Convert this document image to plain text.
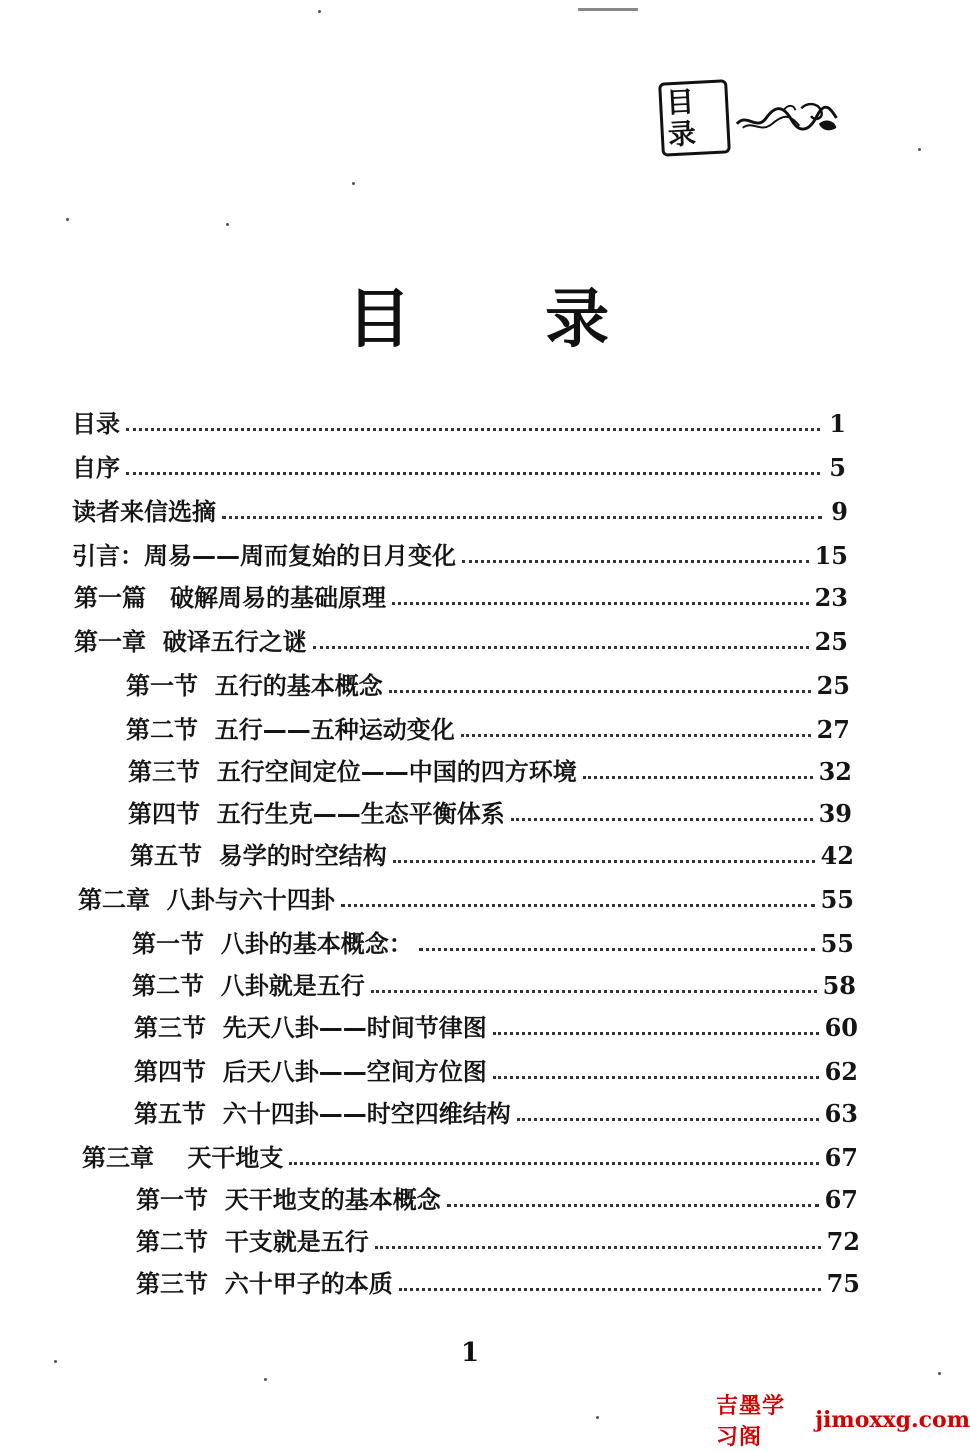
目录
目 录
目录	1
自序	5
读者来信选摘	9
引言：周易——周而复始的日月变化	15
第一篇　破解周易的基础原理	23
第一章  破译五行之谜	25
第一节  五行的基本概念	25
第二节  五行——五种运动变化	27
第三节  五行空间定位——中国的四方环境	32
第四节  五行生克——生态平衡体系	39
第五节  易学的时空结构	42
第二章  八卦与六十四卦	55
第一节  八卦的基本概念：	55
第二节  八卦就是五行	58
第三节  先天八卦——时间节律图	60
第四节  后天八卦——空间方位图	62
第五节  六十四卦——时空四维结构	63
第三章    天干地支	67
第一节  天干地支的基本概念	67
第二节  干支就是五行	72
第三节  六十甲子的本质	75
1
吉墨学习阁
jimoxxg.com
